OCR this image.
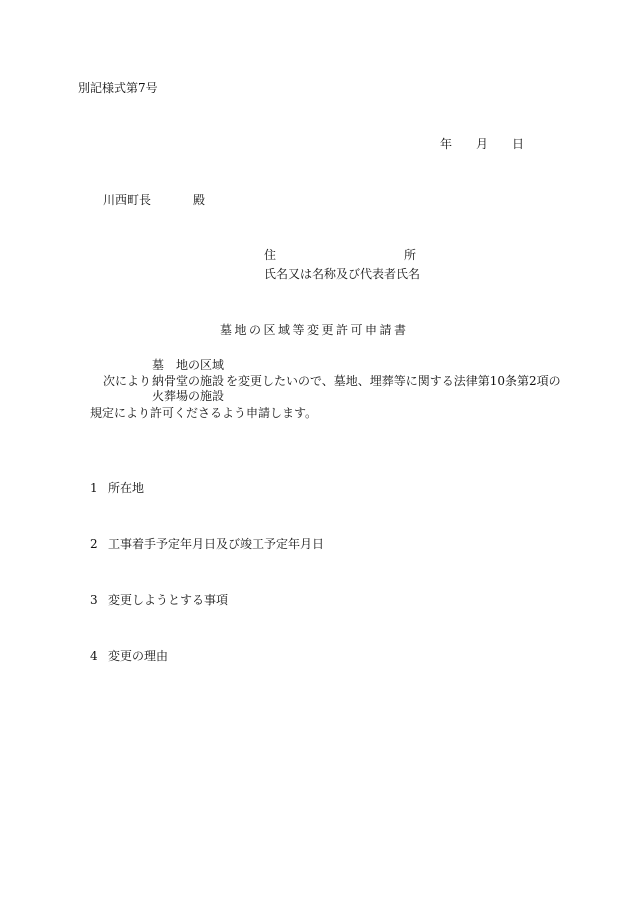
別記様式第7号
年 月 日
川西町長	殿
住	所
氏名又は名称及び代表者氏名
墓地の区域等変更許可申請書
墓　地の区域
次により 納骨堂の施設 を変更したいので、墓地、埋葬等に関する法律第10条第2項の
火葬場の施設
規定により許可くださるよう申請します。
1 所在地
2 工事着手予定年月日及び竣工予定年月日
3 変更しようとする事項
4 変更の理由
